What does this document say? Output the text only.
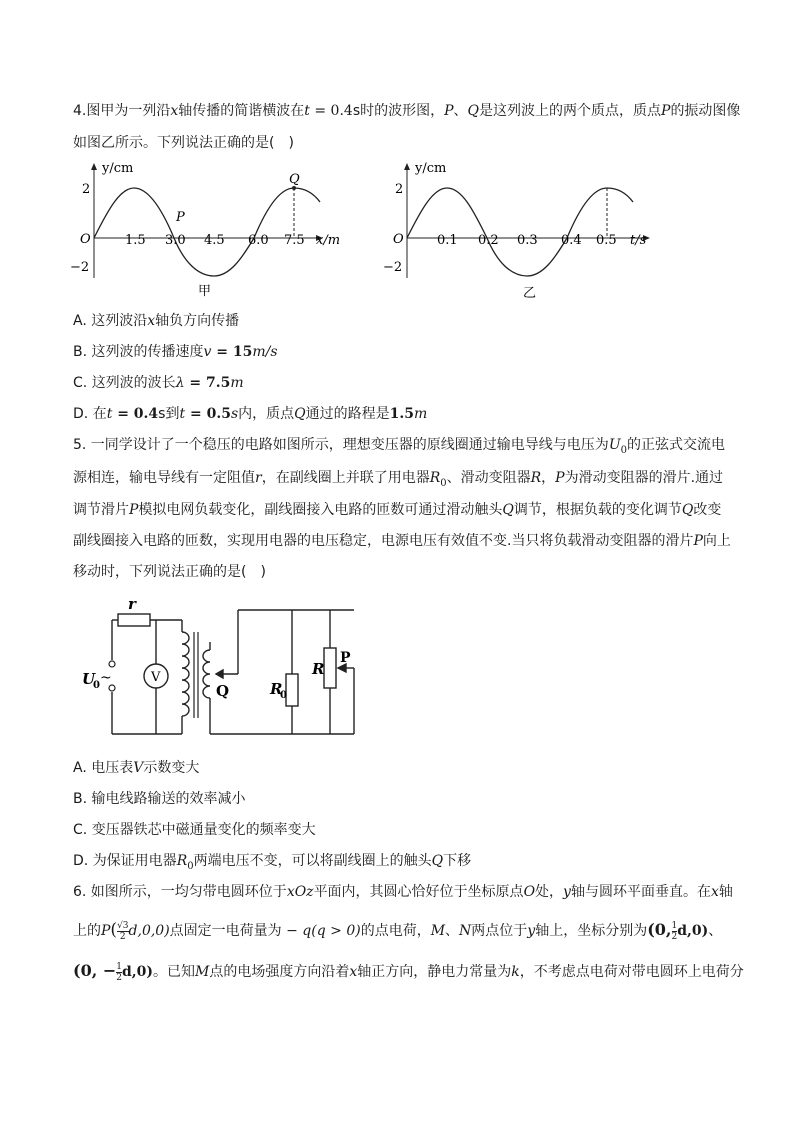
4.图甲为一列沿x轴传播的简谐横波在t = 0.4s时的波形图，P、Q是这列波上的两个质点，质点P的振动图像
如图乙所示。下列说法正确的是(　)
y/cm
2
−2
O	1.5 3.0 4.5 6.0 7.5 x/m
P
Q
甲
y/cm
2
−2
O	0.1 0.2 0.3 0.4 0.5 t/s
乙
A. 这列波沿x轴负方向传播
B. 这列波的传播速度v = 15m/s
C. 这列波的波长λ = 7.5m
D. 在t = 0.4s到t = 0.5s内，质点Q通过的路程是1.5m
5. 一同学设计了一个稳压的电路如图所示，理想变压器的原线圈通过输电导线与电压为$U_0$的正弦式交流电
源相连，输电导线有一定阻值r，在副线圈上并联了用电器$R_0$、滑动变阻器R，P为滑动变阻器的滑片.通过
调节滑片P模拟电网负载变化，副线圈接入电路的匝数可通过滑动触头Q调节，根据负载的变化调节Q改变
副线圈接入电路的匝数，实现用电器的电压稳定，电源电压有效值不变.当只将负载滑动变阻器的滑片P向上
移动时，下列说法正确的是(　)
r
U
0 ~	V
Q	R
0
R
P
A. 电压表V示数变大
B. 输电线路输送的效率减小
C. 变压器铁芯中磁通量变化的频率变大
D. 为保证用电器$R_0$两端电压不变，可以将副线圈上的触头Q下移
6. 如图所示，一均匀带电圆环位于xOz平面内，其圆心恰好位于坐标原点O处，y轴与圆环平面垂直。在x轴
上的$P( \frac{√3}{2} d,0,0)$点固定一电荷量为 − q(q > 0)的点电荷，M、N两点位于y轴上，坐标分别为(0, $\frac{1}{2} d,0$)、
(0, − $\frac{1}{2} d,0$)。已知M点的电场强度方向沿着x轴正方向，静电力常量为k，不考虑点电荷对带电圆环上电荷分
